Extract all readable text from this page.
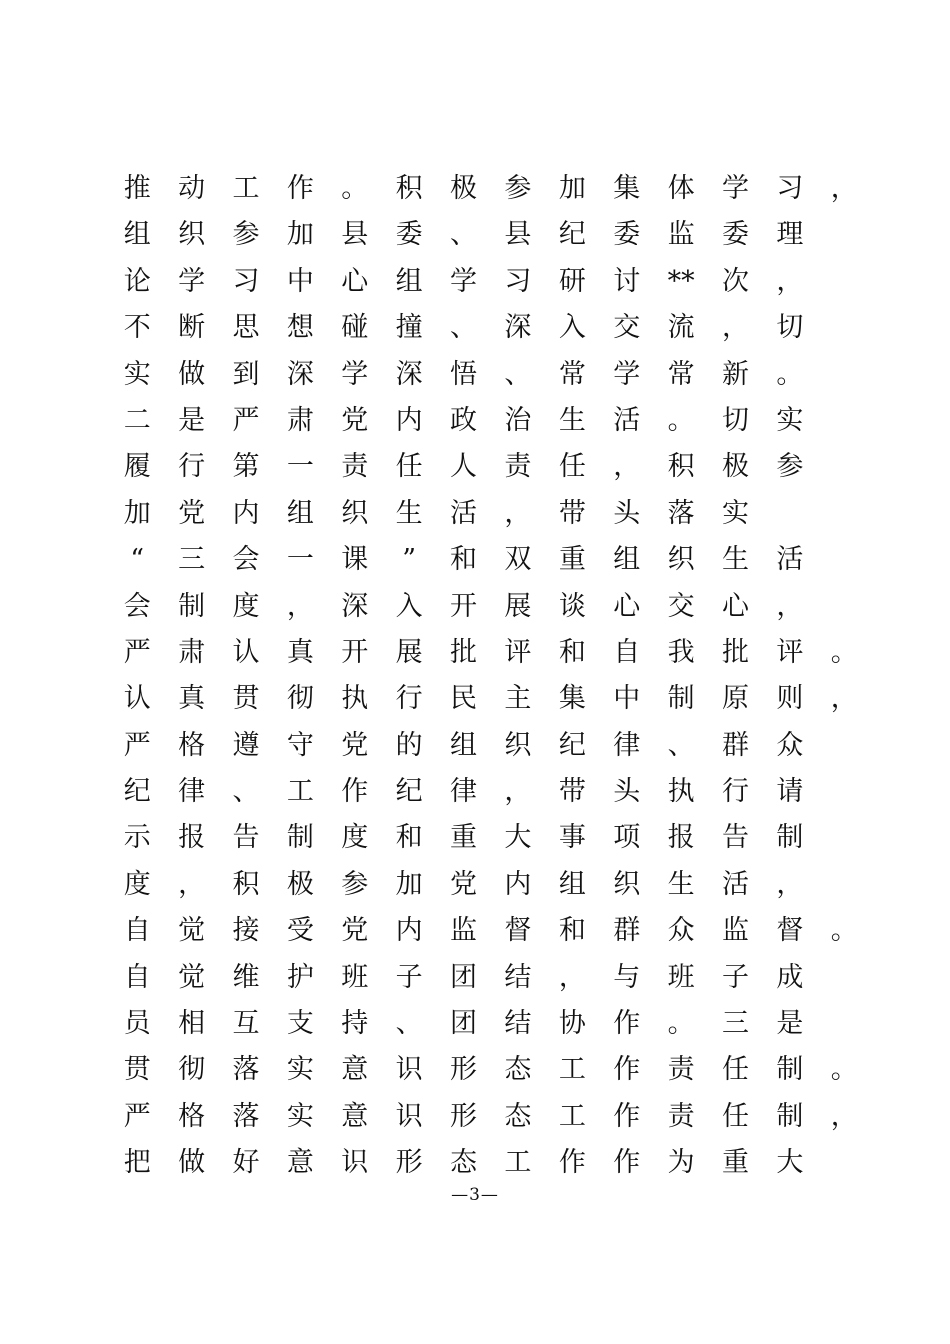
推	动	工	作	。	积	极	参	加	集	体	学	习	，
组	织	参	加	县	委	、	县	纪	委	监	委	理
论	学	习	中	心	组	学	习	研	讨	**	次	，
不	断	思	想	碰	撞	、	深	入	交	流	，	切
实	做	到	深	学	深	悟	、	常	学	常	新	。
二	是	严	肃	党	内	政	治	生	活	。	切	实
履	行	第	一	责	任	人	责	任	，	积	极	参
加	党	内	组	织	生	活	，	带	头	落	实
“	三	会	一	课	”	和	双	重	组	织	生	活
会	制	度	，	深	入	开	展	谈	心	交	心	，
严	肃	认	真	开	展	批	评	和	自	我	批	评	。
认	真	贯	彻	执	行	民	主	集	中	制	原	则	，
严	格	遵	守	党	的	组	织	纪	律	、	群	众
纪	律	、	工	作	纪	律	，	带	头	执	行	请
示	报	告	制	度	和	重	大	事	项	报	告	制
度	，	积	极	参	加	党	内	组	织	生	活	，
自	觉	接	受	党	内	监	督	和	群	众	监	督	。
自	觉	维	护	班	子	团	结	，	与	班	子	成
员	相	互	支	持	、	团	结	协	作	。	三	是
贯	彻	落	实	意	识	形	态	工	作	责	任	制	。
严	格	落	实	意	识	形	态	工	作	责	任	制	，
把	做	好	意	识	形	态	工	作	作	为	重	大
—3—
